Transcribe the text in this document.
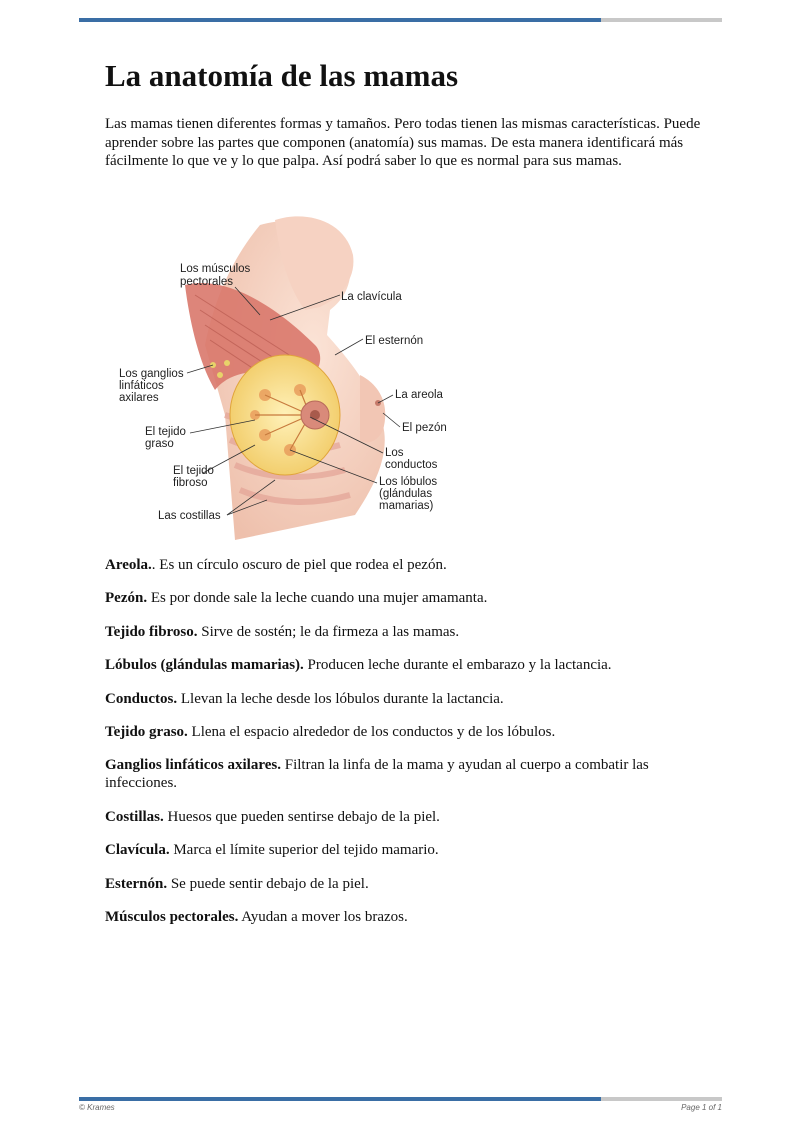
La anatomía de las mamas

Las mamas tienen diferentes formas y tamaños. Pero todas tienen las mismas características. Puede aprender sobre las partes que componen (anatomía) sus mamas. De esta manera identificará más fácilmente lo que ve y lo que palpa. Así podrá saber lo que es normal para sus mamas.

Los músculos
pectorales
La clavícula
El esternón
Los ganglios
linfáticos
axilares	La areola
El pezón
El tejido
graso
Los
conductos
El tejido
fibroso	Los lóbulos
(glándulas
mamarias)
Las costillas

Areola.. Es un círculo oscuro de piel que rodea el pezón.

Pezón. Es por donde sale la leche cuando una mujer amamanta.

Tejido fibroso. Sirve de sostén; le da firmeza a las mamas.

Lóbulos (glándulas mamarias). Producen leche durante el embarazo y la lactancia.

Conductos. Llevan la leche desde los lóbulos durante la lactancia.

Tejido graso. Llena el espacio alrededor de los conductos y de los lóbulos.

Ganglios linfáticos axilares. Filtran la linfa de la mama y ayudan al cuerpo a combatir las infecciones.

Costillas. Huesos que pueden sentirse debajo de la piel.

Clavícula. Marca el límite superior del tejido mamario.

Esternón. Se puede sentir debajo de la piel.

Músculos pectorales. Ayudan a mover los brazos.

© Krames	Page 1 of 1
